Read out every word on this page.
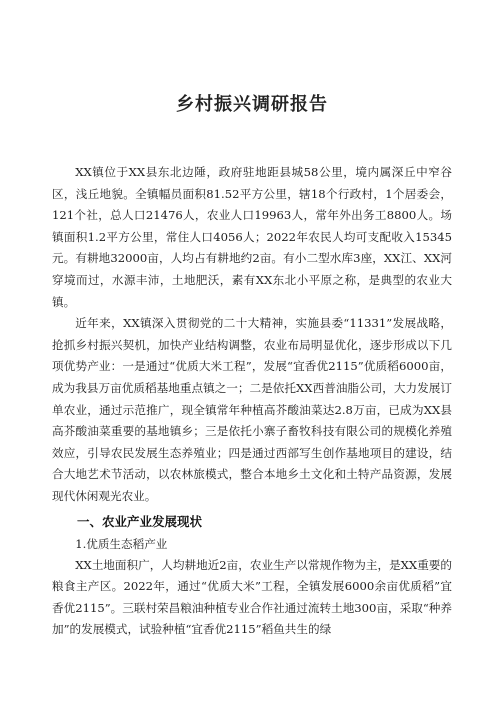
乡村振兴调研报告

XX镇位于XX县东北边陲，政府驻地距县城58公里，境内属深丘中窄谷区，浅丘地貌。全镇幅员面积81.52平方公里，辖18个行政村，1个居委会，121个社，总人口21476人，农业人口19963人，常年外出务工8800人。场镇面积1.2平方公里，常住人口4056人；2022年农民人均可支配收入15345元。有耕地32000亩，人均占有耕地约2亩。有小二型水库3座，XX江、XX河穿境而过，水源丰沛，土地肥沃，素有XX东北小平原之称，是典型的农业大镇。

近年来，XX镇深入贯彻党的二十大精神，实施县委“11331”发展战略，抢抓乡村振兴契机，加快产业结构调整，农业布局明显优化，逐步形成以下几项优势产业：一是通过“优质大米工程”，发展“宜香优2115”优质稻6000亩，成为我县万亩优质稻基地重点镇之一；二是依托XX西普油脂公司，大力发展订单农业，通过示范推广，现全镇常年种植高芥酸油菜达2.8万亩，已成为XX县高芥酸油菜重要的基地镇乡；三是依托小寨子畜牧科技有限公司的规模化养殖效应，引导农民发展生态养殖业；四是通过西部写生创作基地项目的建设，结合大地艺术节活动，以农林旅模式，整合本地乡土文化和土特产品资源，发展现代休闲观光农业。

一、农业产业发展现状
1.优质生态稻产业

XX土地面积广，人均耕地近2亩，农业生产以常规作物为主，是XX重要的粮食主产区。2022年，通过“优质大米”工程，全镇发展6000余亩优质稻”宜香优2115”。三联村荣昌粮油种植专业合作社通过流转土地300亩，采取“种养加”的发展模式，试验种植“宜香优2115”稻鱼共生的绿
